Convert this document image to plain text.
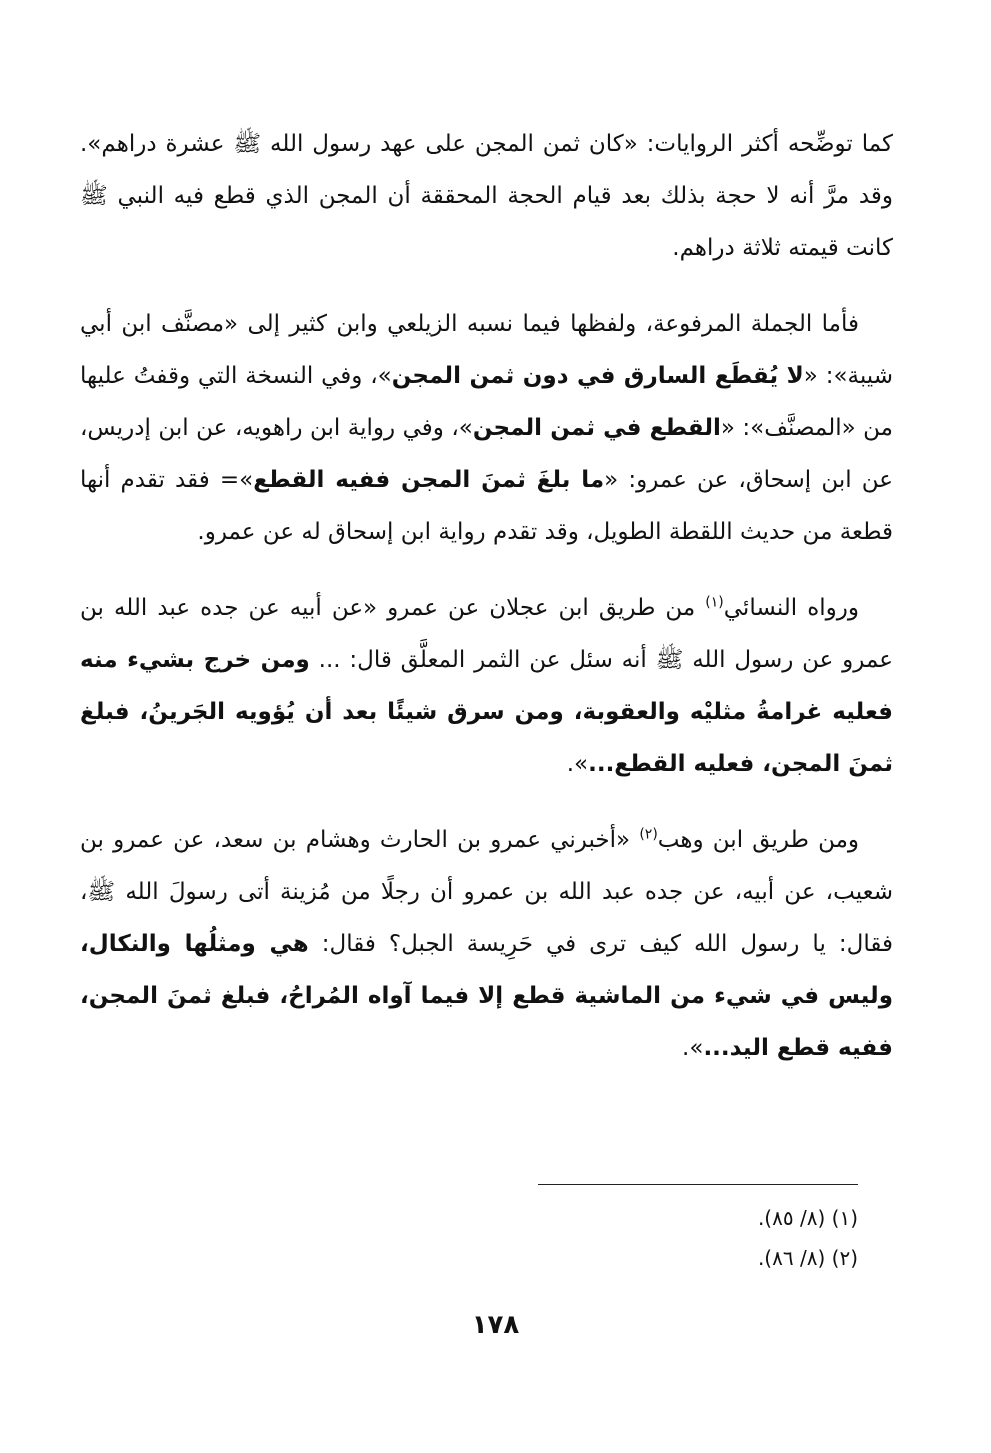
كما توضِّحه أكثر الروايات: «كان ثمن المجن على عهد رسول الله ﷺ عشرة دراهم». وقد مرَّ أنه لا حجة بذلك بعد قيام الحجة المحققة أن المجن الذي قطع فيه النبي ﷺ كانت قيمته ثلاثة دراهم.

فأما الجملة المرفوعة، ولفظها فيما نسبه الزيلعي وابن كثير إلى «مصنَّف ابن أبي شيبة»: «لا يُقطَع السارق في دون ثمن المجن»، وفي النسخة التي وقفتُ عليها من «المصنَّف»: «القطع في ثمن المجن»، وفي رواية ابن راهويه، عن ابن إدريس، عن ابن إسحاق، عن عمرو: «ما بلغَ ثمنَ المجن ففيه القطع»= فقد تقدم أنها قطعة من حديث اللقطة الطويل، وقد تقدم رواية ابن إسحاق له عن عمرو.

ورواه النسائي$^{(١)}$ من طريق ابن عجلان عن عمرو «عن أبيه عن جده عبد الله بن عمرو عن رسول الله ﷺ أنه سئل عن الثمر المعلَّق قال: ... ومن خرج بشيء منه فعليه غرامةُ مثليْه والعقوبة، ومن سرق شيئًا بعد أن يُؤويه الجَرينُ، فبلغ ثمنَ المجن، فعليه القطع...».

ومن طريق ابن وهب$^{(٢)}$ «أخبرني عمرو بن الحارث وهشام بن سعد، عن عمرو بن شعيب، عن أبيه، عن جده عبد الله بن عمرو أن رجلًا من مُزينة أتى رسولَ الله ﷺ، فقال: يا رسول الله كيف ترى في حَرِيسة الجبل؟ فقال: هي ومثلُها والنكال، وليس في شيء من الماشية قطع إلا فيما آواه المُراحُ، فبلغ ثمنَ المجن، ففيه قطع اليد...».

(١) (٨/ ٨٥).
(٢) (٨/ ٨٦).
١٧٨
